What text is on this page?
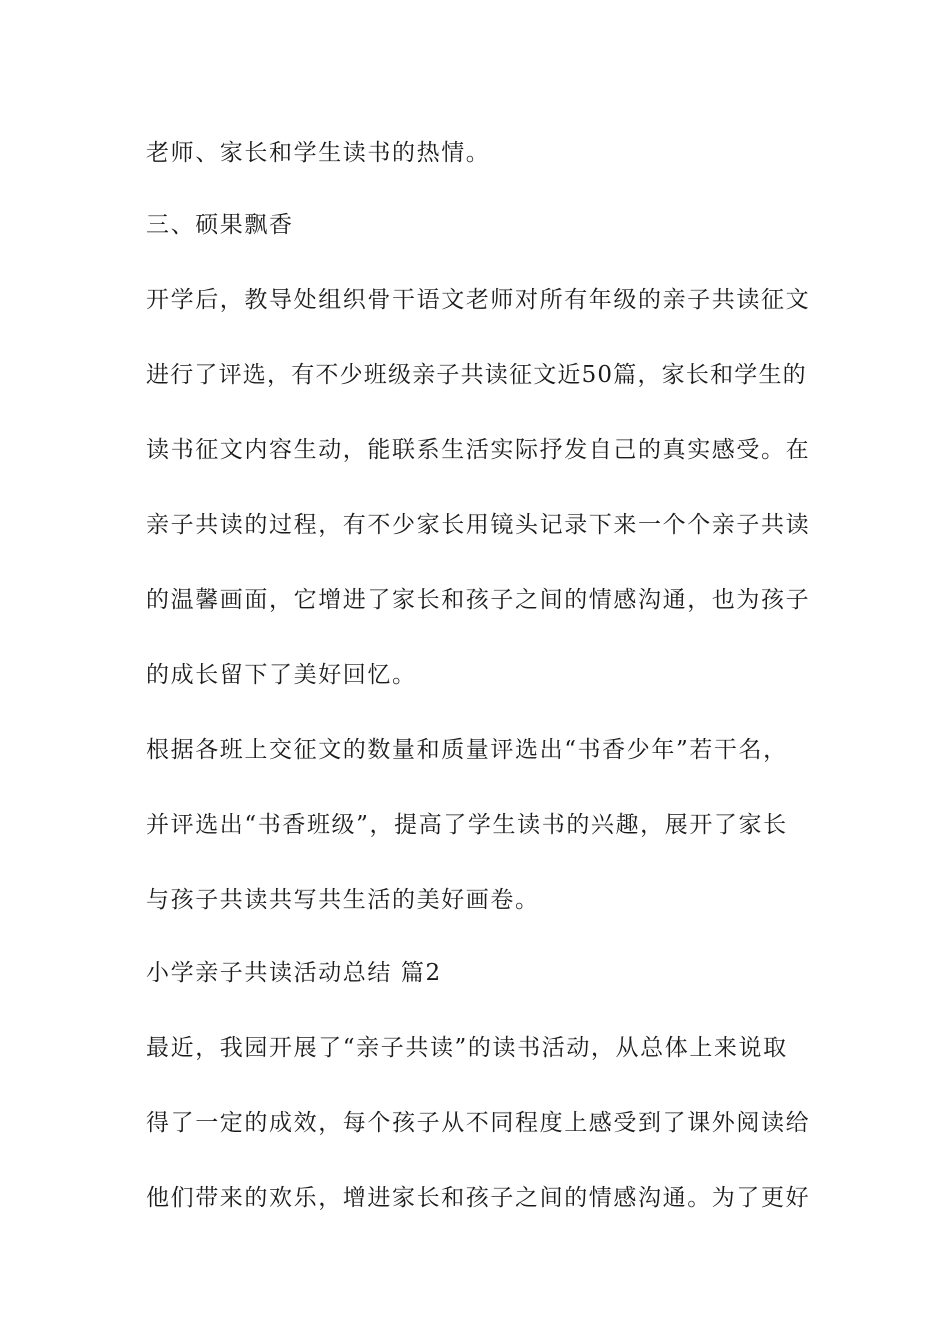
老师、家长和学生读书的热情。
三、硕果飘香
开学后，教导处组织骨干语文老师对所有年级的亲子共读征文
进行了评选，有不少班级亲子共读征文近50篇，家长和学生的
读书征文内容生动，能联系生活实际抒发自己的真实感受。在
亲子共读的过程，有不少家长用镜头记录下来一个个亲子共读
的温馨画面，它增进了家长和孩子之间的情感沟通，也为孩子
的成长留下了美好回忆。
根据各班上交征文的数量和质量评选出“书香少年”若干名，
并评选出“书香班级”，提高了学生读书的兴趣，展开了家长
与孩子共读共写共生活的美好画卷。
小学亲子共读活动总结 篇2
最近，我园开展了“亲子共读”的读书活动，从总体上来说取
得了一定的成效，每个孩子从不同程度上感受到了课外阅读给
他们带来的欢乐，增进家长和孩子之间的情感沟通。为了更好
